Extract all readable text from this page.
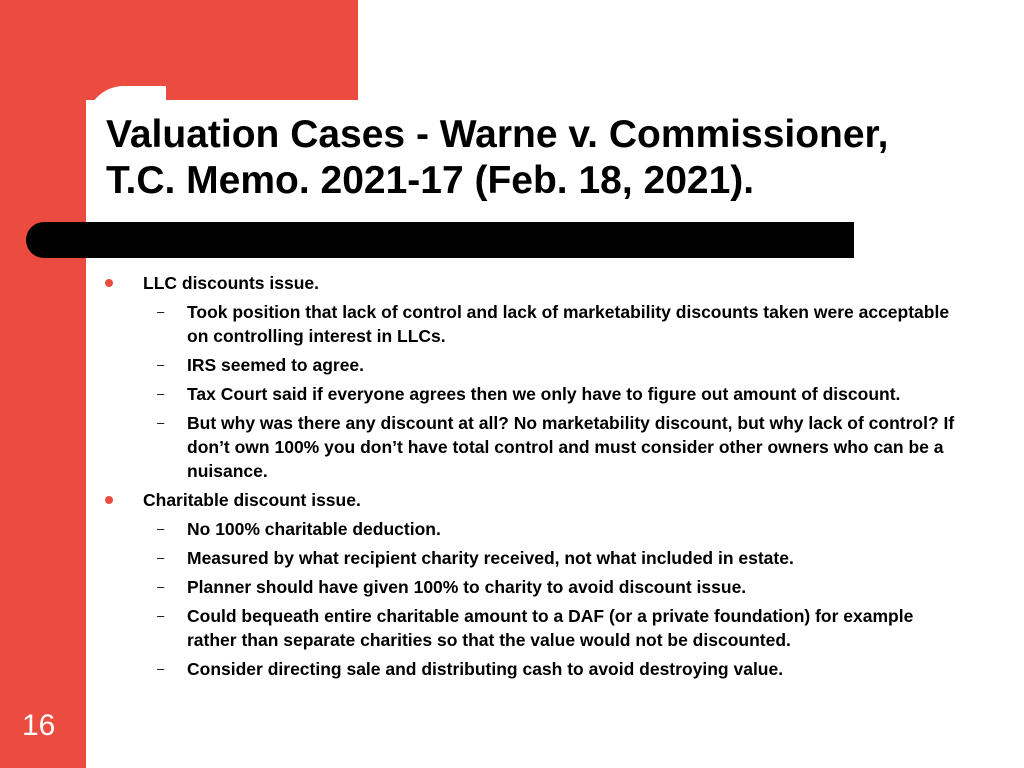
Valuation Cases - Warne v. Commissioner,
T.C. Memo. 2021-17 (Feb. 18, 2021).
LLC discounts issue.
– Took position that lack of control and lack of marketability discounts taken were acceptable on controlling interest in LLCs.
– IRS seemed to agree.
– Tax Court said if everyone agrees then we only have to figure out amount of discount.
– But why was there any discount at all? No marketability discount, but why lack of control? If don’t own 100% you don’t have total control and must consider other owners who can be a nuisance.
Charitable discount issue.
– No 100% charitable deduction.
– Measured by what recipient charity received, not what included in estate.
– Planner should have given 100% to charity to avoid discount issue.
– Could bequeath entire charitable amount to a DAF (or a private foundation) for example rather than separate charities so that the value would not be discounted.
– Consider directing sale and distributing cash to avoid destroying value.
16
